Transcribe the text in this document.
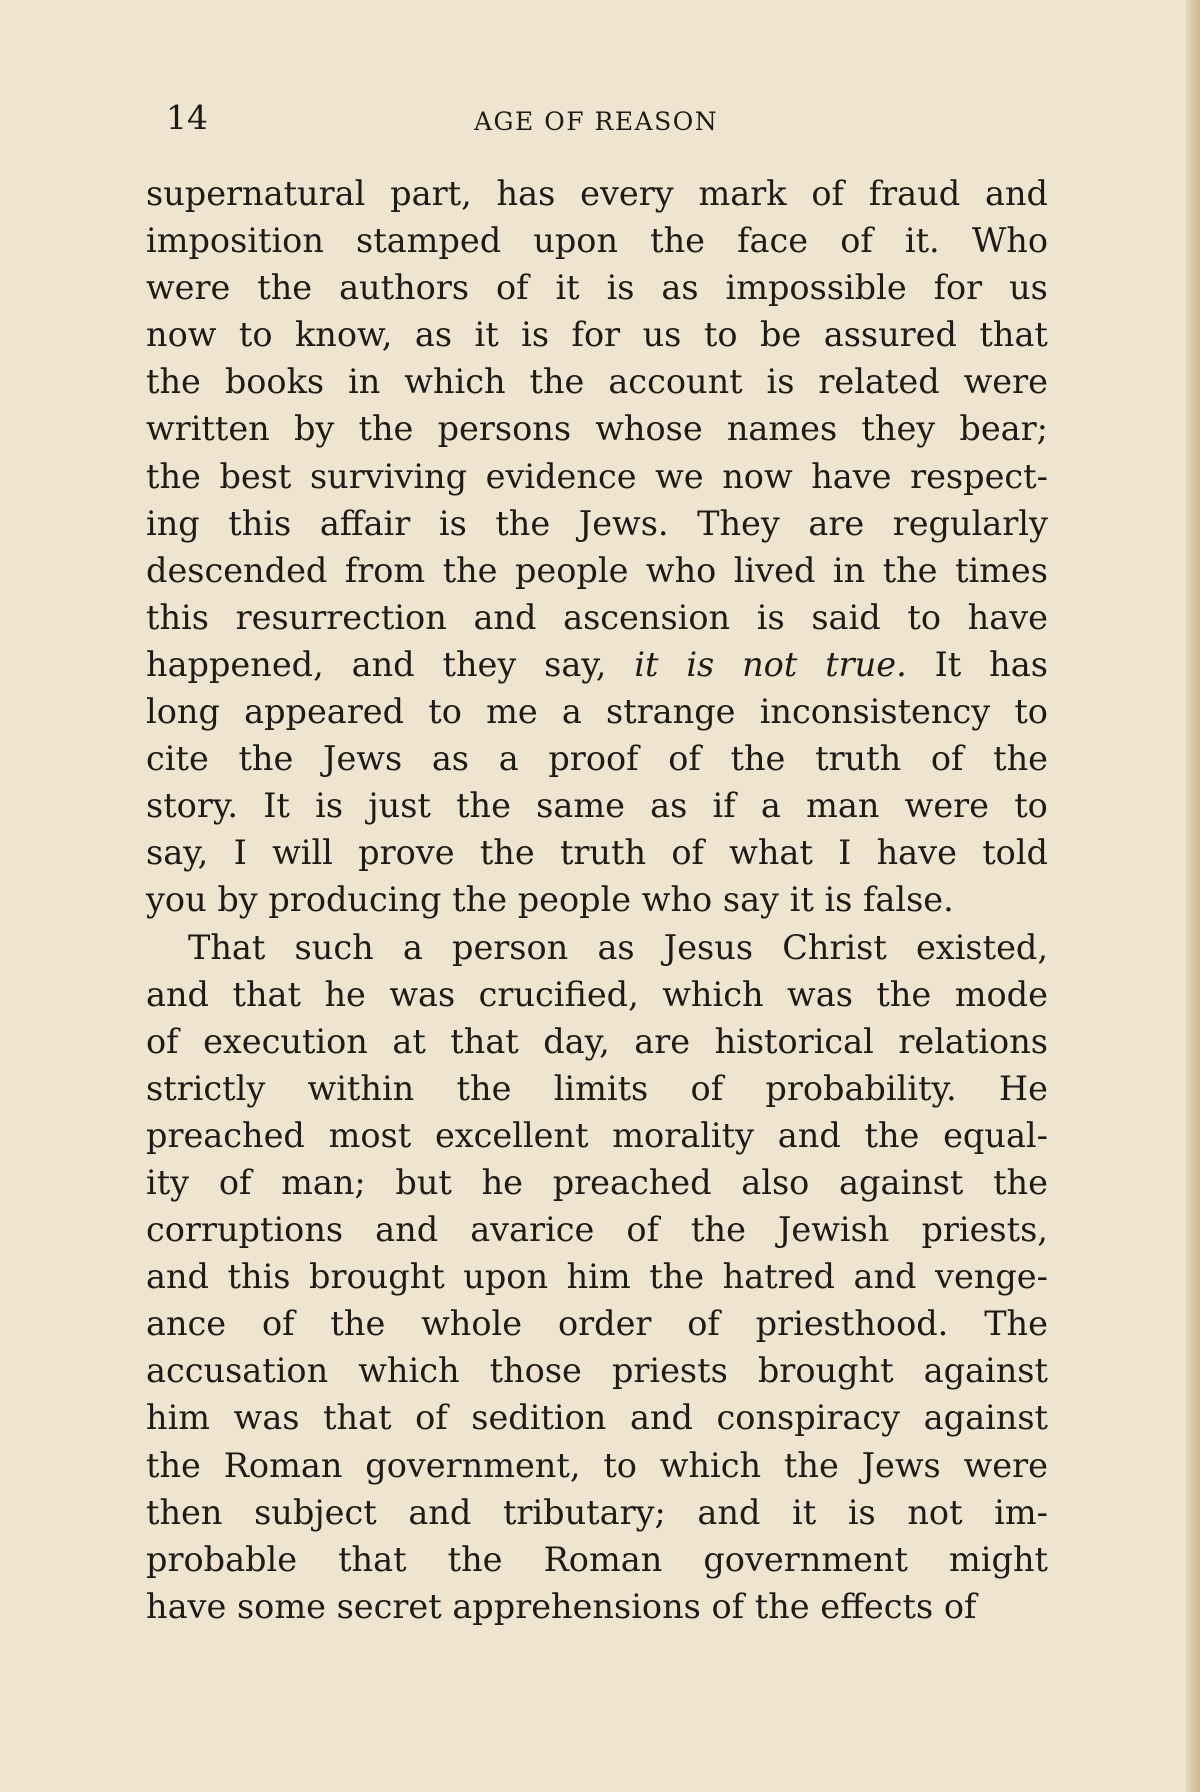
14	AGE OF REASON
supernatural part, has every mark of fraud and
imposition stamped upon the face of it. Who
were the authors of it is as impossible for us
now to know, as it is for us to be assured that
the books in which the account is related were
written by the persons whose names they bear;
the best surviving evidence we now have respect-
ing this affair is the Jews. They are regularly
descended from the people who lived in the times
this resurrection and ascension is said to have
happened, and they say, it is not true. It has
long appeared to me a strange inconsistency to
cite the Jews as a proof of the truth of the
story. It is just the same as if a man were to
say, I will prove the truth of what I have told
you
by
producing
the
people
who
say
it
is
false.
That such a person as Jesus Christ existed,
and that he was crucified, which was the mode
of execution at that day, are historical relations
strictly within the limits of probability. He
preached most excellent morality and the equal-
ity of man; but he preached also against the
corruptions and avarice of the Jewish priests,
and this brought upon him the hatred and venge-
ance of the whole order of priesthood. The
accusation which those priests brought against
him was that of sedition and conspiracy against
the Roman government, to which the Jews were
then subject and tributary; and it is not im-
probable that the Roman government might
have
some
secret
apprehensions
of
the
effects
of
